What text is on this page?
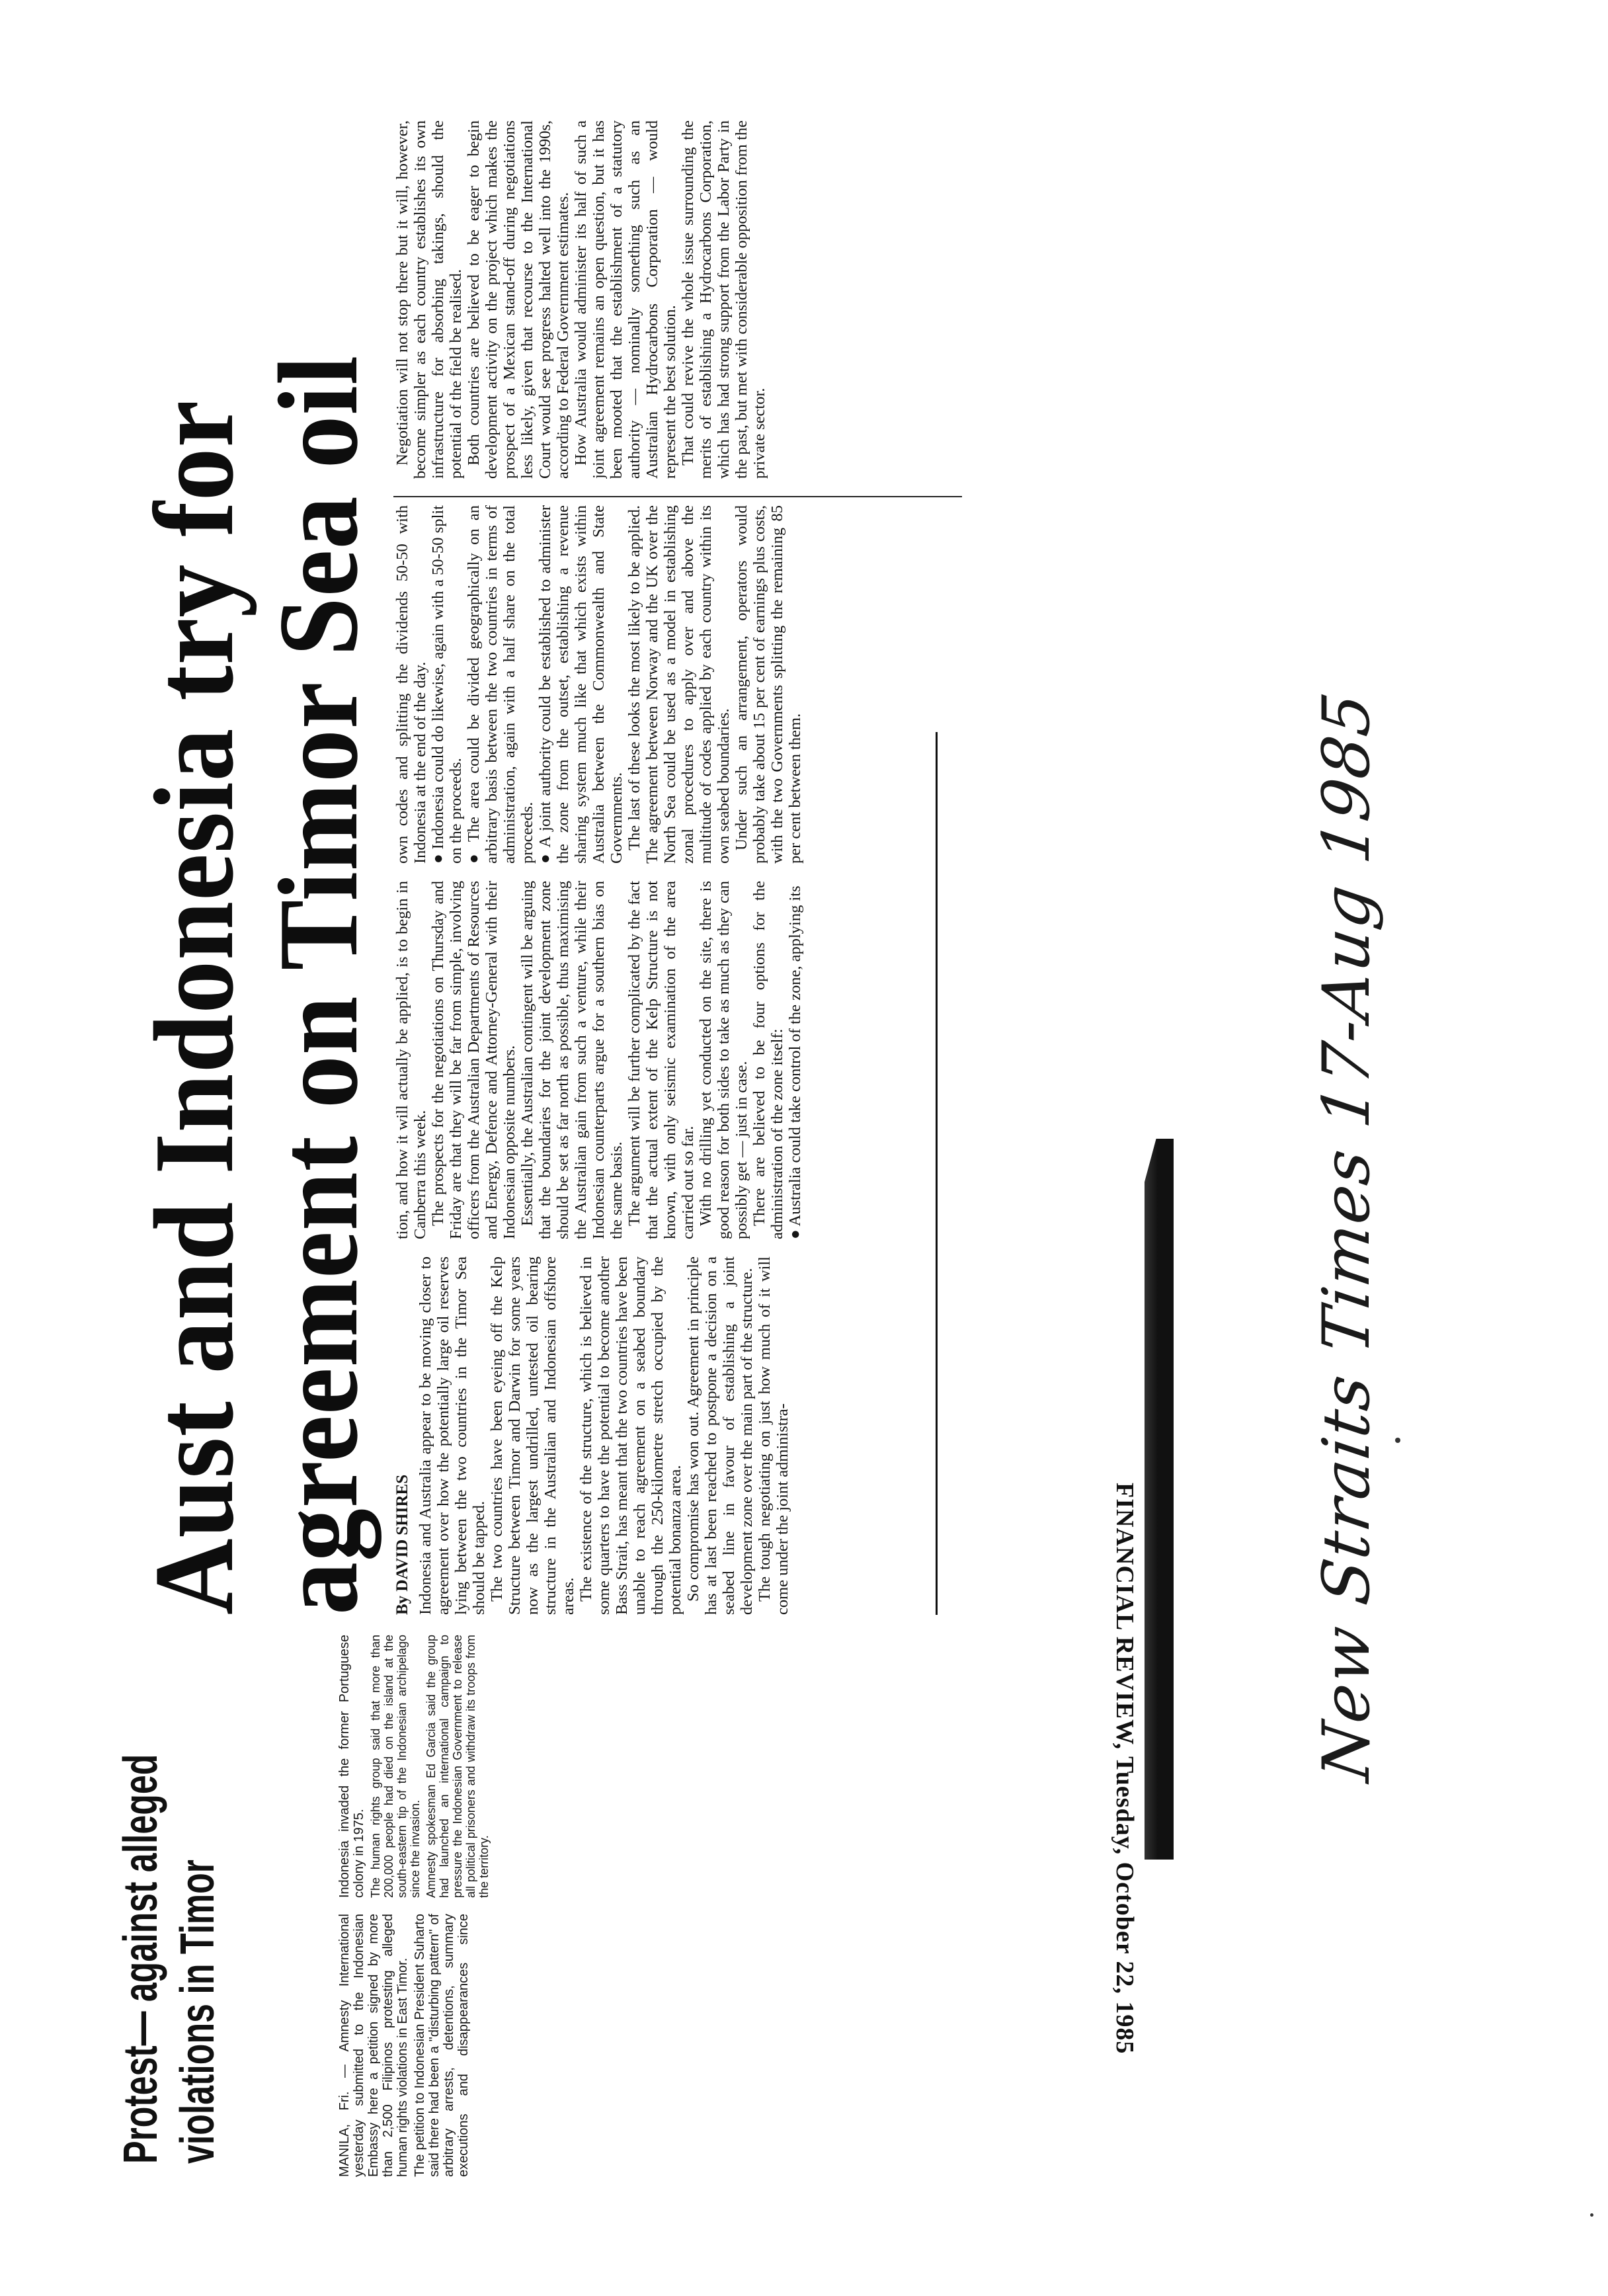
Aust and Indonesia try for
agreement on Timor Sea oil By DAVID SHIRES Indonesia and Australia appear to be moving closer to agreement over how the potentially large oil reserves lying between the two countries in the Timor Sea should be tapped. The two countries have been eyeing off the Kelp Structure between Timor and Darwin for some years now as the largest undrilled, untested oil bearing structure in the Australian and Indonesian offshore areas. The existence of the structure, which is believed in some quarters to have the potential to become another Bass Strait, has meant that the two countries have been unable to reach agreement on a seabed boundary through the 250-kilometre stretch occupied by the potential bonanza area. So compromise has won out. Agreement in principle has at last been reached to postpone a decision on a seabed line in favour of establishing a joint development zone over the main part of the structure. The tough negotiating on just how much of it will come under the joint administra-

tion, and how it will actually be applied, is to begin in Canberra this week. The prospects for the negotiations on Thursday and Friday are that they will be far from simple, involving officers from the Australian Departments of Resources and Energy, Defence and Attorney-General with their Indonesian opposite numbers. Essentially, the Australian contingent will be arguing that the boundaries for the joint development zone should be set as far north as possible, thus maximising the Australian gain from such a venture, while their Indonesian counterparts argue for a southern bias on the same basis. The argument will be further complicated by the fact that the actual extent of the Kelp Structure is not known, with only seismic examination of the area carried out so far. With no drilling yet conducted on the site, there is good reason for both sides to take as much as they can possibly get — just in case. There are believed to be four options for the administration of the zone itself: ● Australia could take control of the zone, applying its

own codes and splitting the dividends 50-50 with Indonesia at the end of the day. ● Indonesia could do likewise, again with a 50-50 split on the proceeds. ● The area could be divided geographically on an arbitrary basis between the two countries in terms of administration, again with a half share on the total proceeds. ● A joint authority could be established to administer the zone from the outset, establishing a revenue sharing system much like that which exists within Australia between the Commonwealth and State Governments. The last of these looks the most likely to be applied. The agreement between Norway and the UK over the North Sea could be used as a model in establishing zonal procedures to apply over and above the multitude of codes applied by each country within its own seabed boundaries. Under such an arrangement, operators would probably take about 15 per cent of earnings plus costs, with the two Governments splitting the remaining 85 per cent between them.

Negotiation will not stop there but it will, however, become simpler as each country establishes its own infrastructure for absorbing takings, should the potential of the field be realised. Both countries are believed to be eager to begin development activity on the project which makes the prospect of a Mexican stand-off during negotiations less likely, given that recourse to the International Court would see progress halted well into the 1990s, according to Federal Government estimates. How Australia would administer its half of such a joint agreement remains an open question, but it has been mooted that the establishment of a statutory authority — nominally something such as an Australian Hydrocarbons Corporation — would represent the best solution. That could revive the whole issue surrounding the merits of establishing a Hydrocarbons Corporation, which has had strong support from the Labor Party in the past, but met with considerable opposition from the private sector.

FINANCIAL REVIEW, Tuesday, October 22, 1985	New Straits Times 17-Aug 1985
Protest— against alleged violations in Timor	MANILA, Fri. — Amnesty International yesterday submitted to the Indonesian Embassy here a petition signed by more than 2,500 Filipinos protesting alleged human rights violations in East Timor. The petition to Indonesian President Suharto said there had been a "disturbing pattern" of arbitrary arrests, detentions, summary executions and disappearances since Indonesia invaded the former Portuguese colony in 1975. The human rights group said that more than 200,000 people had died on the island at the south-eastern tip of the Indonesian archipelago since the invasion. Amnesty spokesman Ed Garcia said the group had launched an international campaign to pressure the Indonesian Government to release all political prisoners and withdraw its troops from the territory.
